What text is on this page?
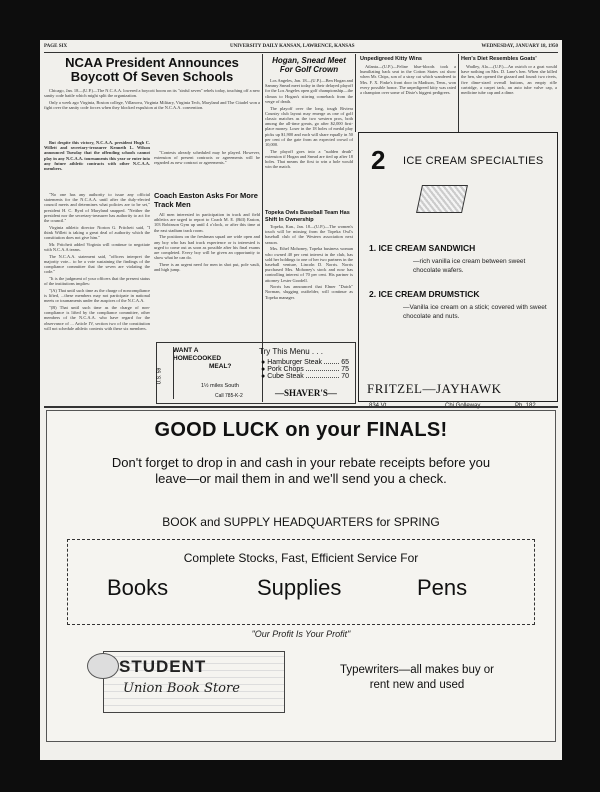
PAGE SIX	UNIVERSITY DAILY KANSAN, LAWRENCE, KANSAS	WEDNESDAY, JANUARY 18, 1950
NCAA President Announces Boycott Of Seven Schools

Chicago, Jan. 18—(U.P.)—The N.C.A.A. lowered a boycott boom on its "sinful seven" rebels today, touching off a new sanity code battle which might split the organization.

Only a week ago Virginia, Boston college, Villanova, Virginia Military, Virginia Tech, Maryland and The Citadel won a fight over the sanity code forces when they blocked expulsion at the N.C.A.A. convention.

But despite this victory, N.C.A.A. president Hugh C. Willett and secretary-treasurer Kenneth L. Wilson announced Tuesday that the offending schools cannot play in any N.C.A.A. tournaments this year or enter into any future athletic contracts with other N.C.A.A. members.

"No one has any authority to issue any official statements for the N.C.A.A. until after the duly-elected council meets and determines what policies are to be set," president H. C. Byrd of Maryland snapped. "Neither the president nor the secretary-treasurer has authority to act for the council."

Virginia athletic director Norton G. Pritchett said, "I think Willett is taking a great deal of authority which the constitution does not give him."

Mr. Pritchett added Virginia will continue to negotiate with N.C.A.A teams.

The N.C.A.A. statement said, "officers interpret the majority vote... to be a vote sustaining the findings of the compliance committee that the seven are violating the code."

"It is the judgment of your officers that the present status of the institutions implies:

"(A) That until such time as the charge of noncompliance is lifted, ...these members may not participate in national meets or tournaments under the auspices of the N.C.A.A.

"(B) That until such time as the charge of non-compliance is lifted by the compliance committee, other members of the N.C.A.A. who have regard for the observance of ... Article IV, section two of the constitution will not schedule athletic contests with these six members.

"Contests already scheduled may be played. However, extension of present contracts or agreements will be regarded as new contract or agreements."

Coach Easton Asks For More Track Men

All men interested in participation in track and field athletics are urged to report to Coach M. E. (Bill) Easton, 103 Robinson Gym up until 4 o'clock, or after this time at the east stadium track room.

The positions on the freshman squad are wide open and any boy who has had track experience or is interested is urged to come out as soon as possible after his final exams are completed. Every boy will be given an opportunity to show what he can do.

There is an urgent need for men in shot put, pole vault, and high jump.

Hogan, Snead Meet For Golf Crown

Los Angeles, Jan. 18—(U.P.)—Ben Hogan and Sammy Snead meet today in their delayed playoff for the Los Angeles open golf championship—the climax to Hogan's stirring comeback from the verge of death.

The playoff over the long, tough Riviera Country club layout may emerge as one of golf classic matches as the two western pros, both among the all-time greats, go after $2,000 first-place money. Loser in the 18 holes of medal play picks up $1,900 and each will share equally in 50 per cent of the gate from an expected crowd of 10,000.

The playoff goes into a "sudden death" extension if Hogan and Snead are tied up after 18 holes. That means the first to win a hole would win the match.

Topeka Owls Baseball Team Has Shift In Ownership

Topeka, Kan., Jan. 18—(U.P.)—The women's touch will be missing from the Topeka Owl's baseball club of the Western association next season.

Mrs. Ethel Mohoney, Topeka business woman who owned 40 per cent interest in the club, has sold her holdings to one of her two partners in the baseball venture, Lincoln D. Norris. Norris purchased Mrs. Mohoney's stock and now has controlling interest of 70 per cent. His partner is attorney Lester Goodell.

Norris has announced that Elmer "Dutch" Norman, slugging outfielder, will continue as Topeka manager.

Unpedigreed Kitty Wins

Atlanta—(U.P.)—Feline blue-bloods took a humiliating back seat in the Cotton States cat show when Mr. Chips, son of a stray cat which wandered to Mrs. F. X. Finke's front door in Madison, Tenn., won every possible honor. The unpedigreed kitty was rated a champion over some of Dixie's biggest pedigrees.

Hen's Diet Resembles Goats'

Wadley, Ala.—(U.P.)—An ostrich or a goat would have nothing on Mrs. D. Lane's hen. When she killed the hen, she opened the gizzard and found: two rivets, five dime-sized overall buttons, an empty rifle cartridge, a carpet tack, an auto tube valve cap, a medicine tube cap and a dime.

2 ICE CREAM SPECIALTIES
1. ICE CREAM SANDWICH
—rich vanilla ice cream between sweet chocolate wafers.
2. ICE CREAM DRUMSTICK
—Vanilla ice cream on a stick; covered with sweet chocolate and nuts.
FRITZEL—JAYHAWK
WANT A
HOMECOOKED
MEAL?
U.S. 59
1½ miles South
Call 785-K-2
Try This Menu . . .
● Hamburger Steak	65
● Pork Chops	75
● Cube Steak	70
—SHAVER'S—
GOOD LUCK on your FINALS!
Don't forget to drop in and cash in your rebate receipts before you leave—or mail them in and we'll send you a check.
BOOK and SUPPLY HEADQUARTERS for SPRING
Complete Stocks, Fast, Efficient Service For
Books	Supplies	Pens
"Our Profit Is Your Profit"
STUDENT
Union Book Store
Typewriters—all makes buy or rent new and used
